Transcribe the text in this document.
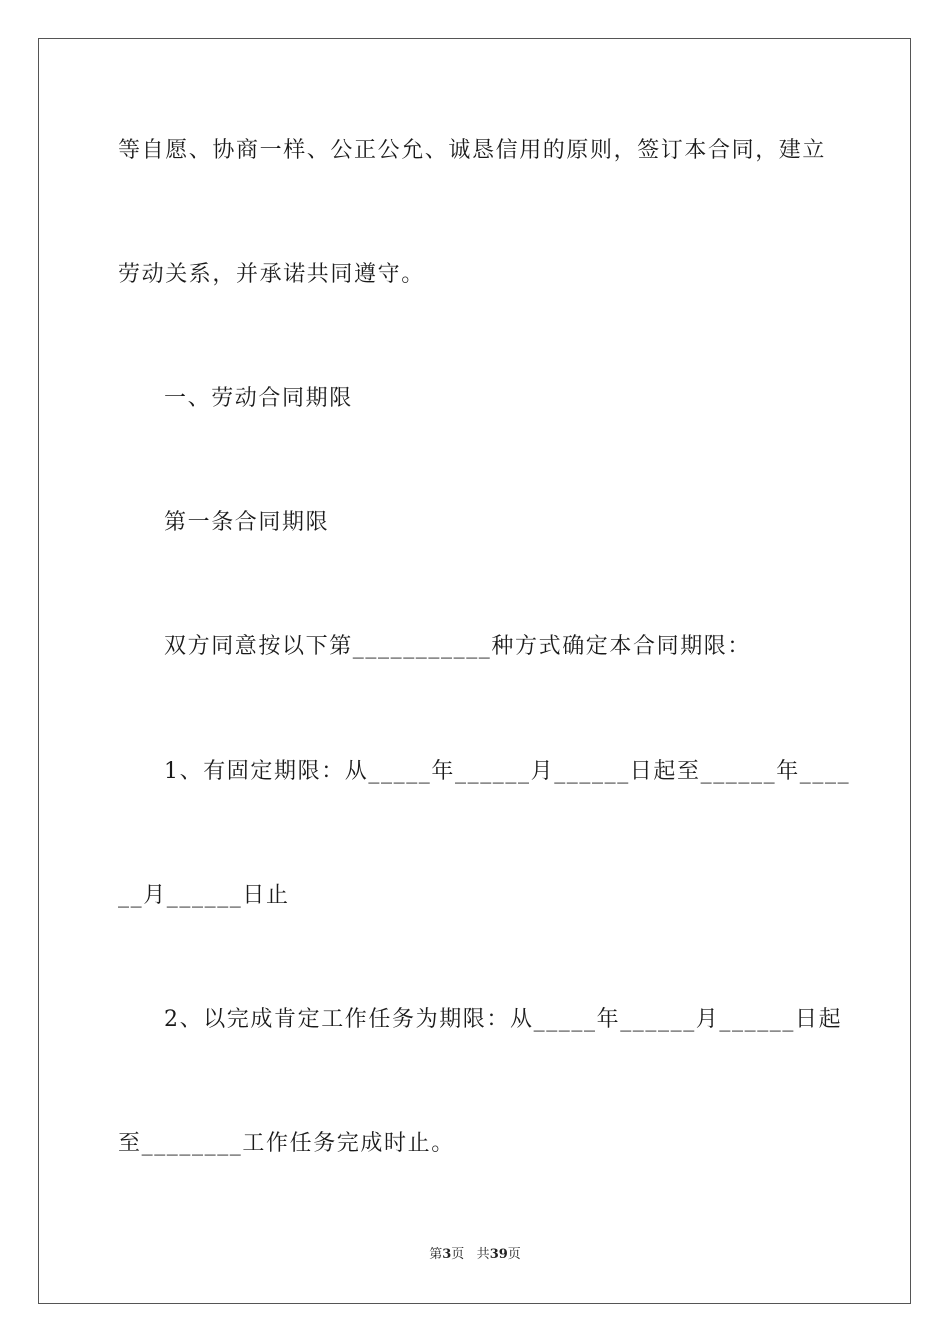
等自愿、协商一样、公正公允、诚恳信用的原则，签订本合同，建立
劳动关系，并承诺共同遵守。
一、劳动合同期限
第一条合同期限
双方同意按以下第___________种方式确定本合同期限：
1、有固定期限：从_____年______月______日起至______年____
__月______日止
2、以完成肯定工作任务为期限：从_____年______月______日起
至________工作任务完成时止。
第3页 共39页
